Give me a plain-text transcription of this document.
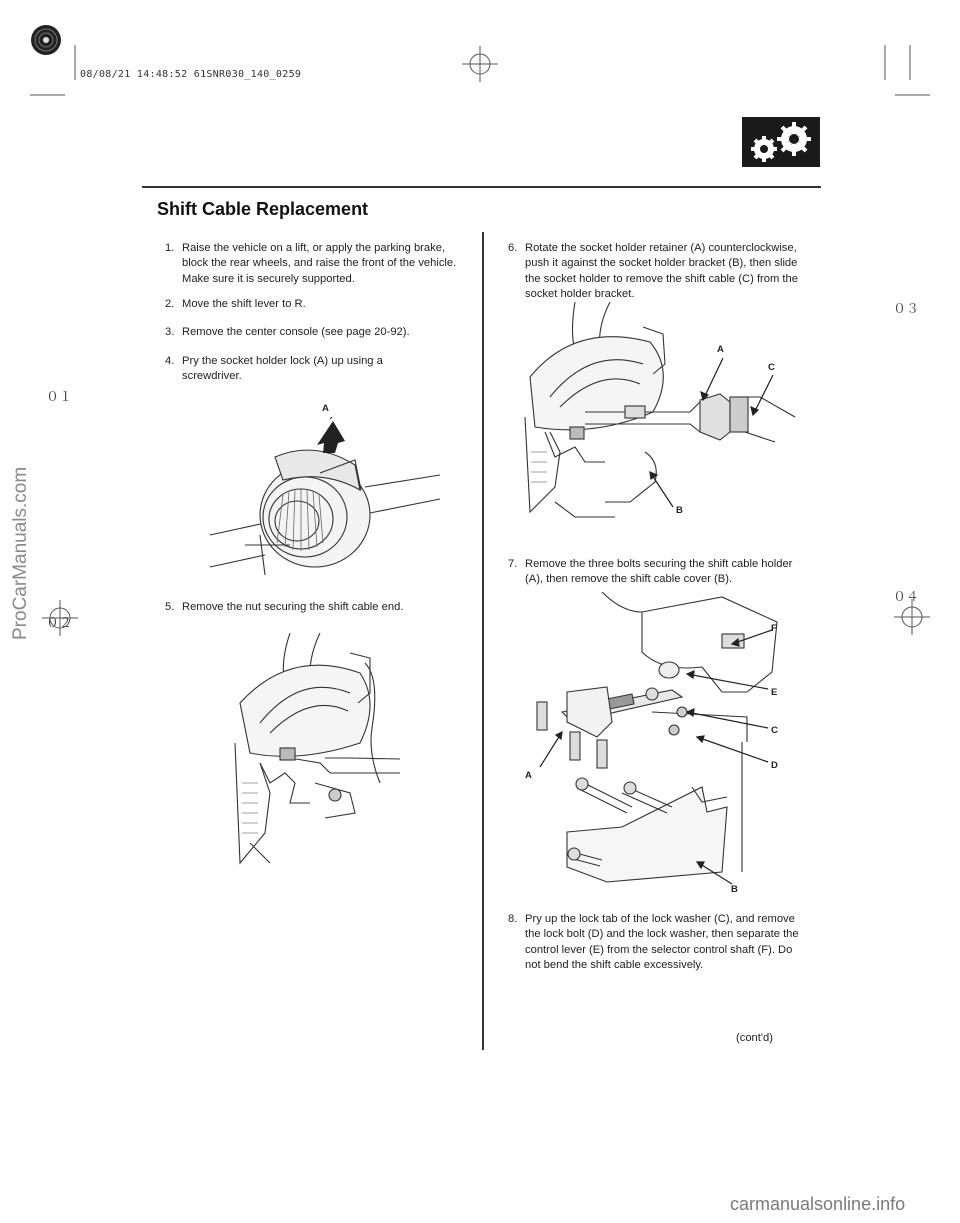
08/08/21 14:48:52 61SNR030_140_0259
Shift Cable Replacement
０３
０１
０２
０４
1. Raise the vehicle on a lift, or apply the parking brake, block the rear wheels, and raise the front of the vehicle. Make sure it is securely supported.
2. Move the shift lever to R.
3. Remove the center console (see page 20-92).
4. Pry the socket holder lock (A) up using a screwdriver.
A
5. Remove the nut securing the shift cable end.
6. Rotate the socket holder retainer (A) counterclockwise, push it against the socket holder bracket (B), then slide the socket holder to remove the shift cable (C) from the socket holder bracket.
A
C
B
7. Remove the three bolts securing the shift cable holder (A), then remove the shift cable cover (B).
F
E
C
D
A
B
8. Pry up the lock tab of the lock washer (C), and remove the lock bolt (D) and the lock washer, then separate the control lever (E) from the selector control shaft (F). Do not bend the shift cable excessively.
(cont'd)
ProCarManuals.com
carmanualsonline.info
